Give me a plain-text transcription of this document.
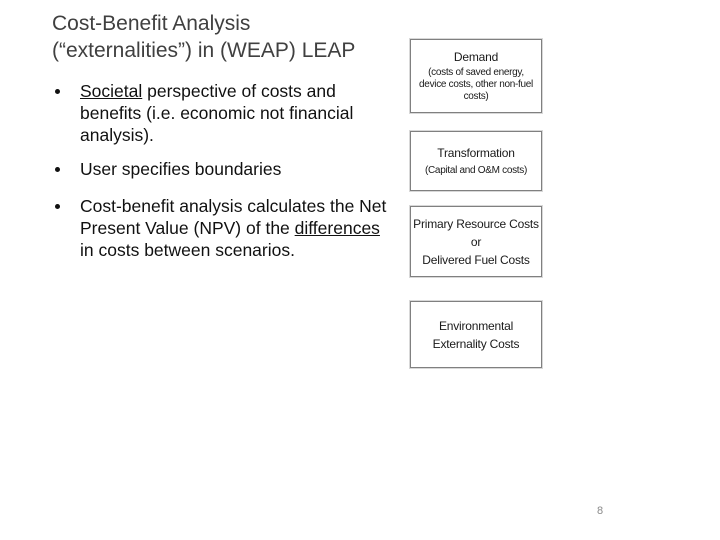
Cost-Benefit Analysis
(“externalities”) in (WEAP) LEAP
Societal perspective of costs and benefits (i.e. economic not financial analysis).
User specifies boundaries
Cost-benefit analysis calculates the Net Present Value (NPV) of the differences in costs between scenarios.
Demand
(costs of saved energy,
device costs, other non-fuel
costs)
Transformation
(Capital and O&M costs)
Primary Resource Costs
or
Delivered Fuel Costs
Environmental
Externality Costs
8
